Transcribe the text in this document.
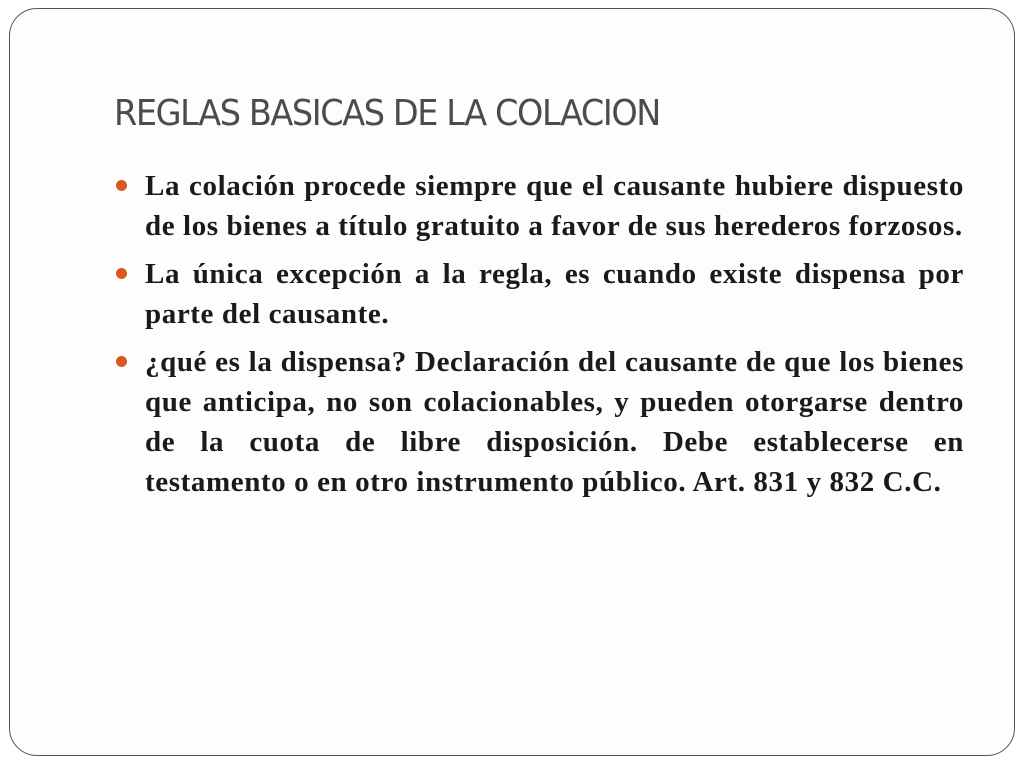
REGLAS BASICAS DE LA COLACION
La colación procede siempre que el causante hubiere dispuesto de los bienes a título gratuito a favor de sus herederos forzosos.
La única excepción a la regla, es cuando existe dispensa por parte del causante.
¿qué es la dispensa? Declaración del causante de que los bienes que anticipa, no son colacionables, y pueden otorgarse dentro de la cuota de libre disposición. Debe establecerse en testamento o en otro instrumento público. Art. 831 y 832 C.C.
